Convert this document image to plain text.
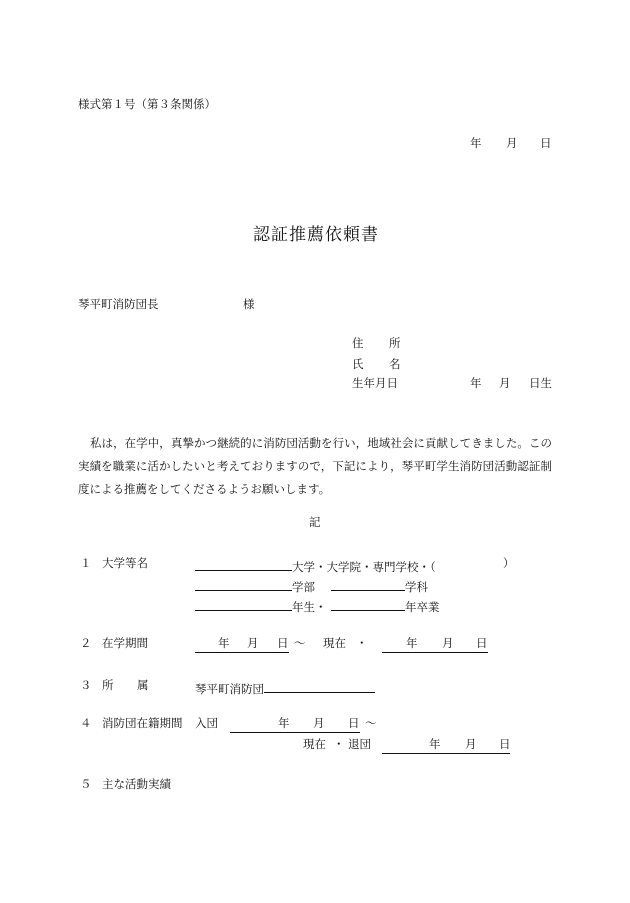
様式第１号（第３条関係）
年 月 日
認証推薦依頼書
琴平町消防団長	様
住 所
氏 名
生年月日	年 月 日生
私は，在学中，真摯かつ継続的に消防団活動を行い，地域社会に貢献してきました。この実績を職業に活かしたいと考えておりますので，下記により，琴平町学生消防団活動認証制度による推薦をしてくださるようお願いします。
記
１ 大学等名	大学・大学院・専門学校・（	）
学部	学科
年生・	年卒業
２ 在学期間	年 月 日 ～ 現在 ・	年 月 日
３ 所 属	琴平町消防団
４ 消防団在籍期間 入団	年 月 日 ～
現在 ・ 退団	年 月 日
５ 主な活動実績
